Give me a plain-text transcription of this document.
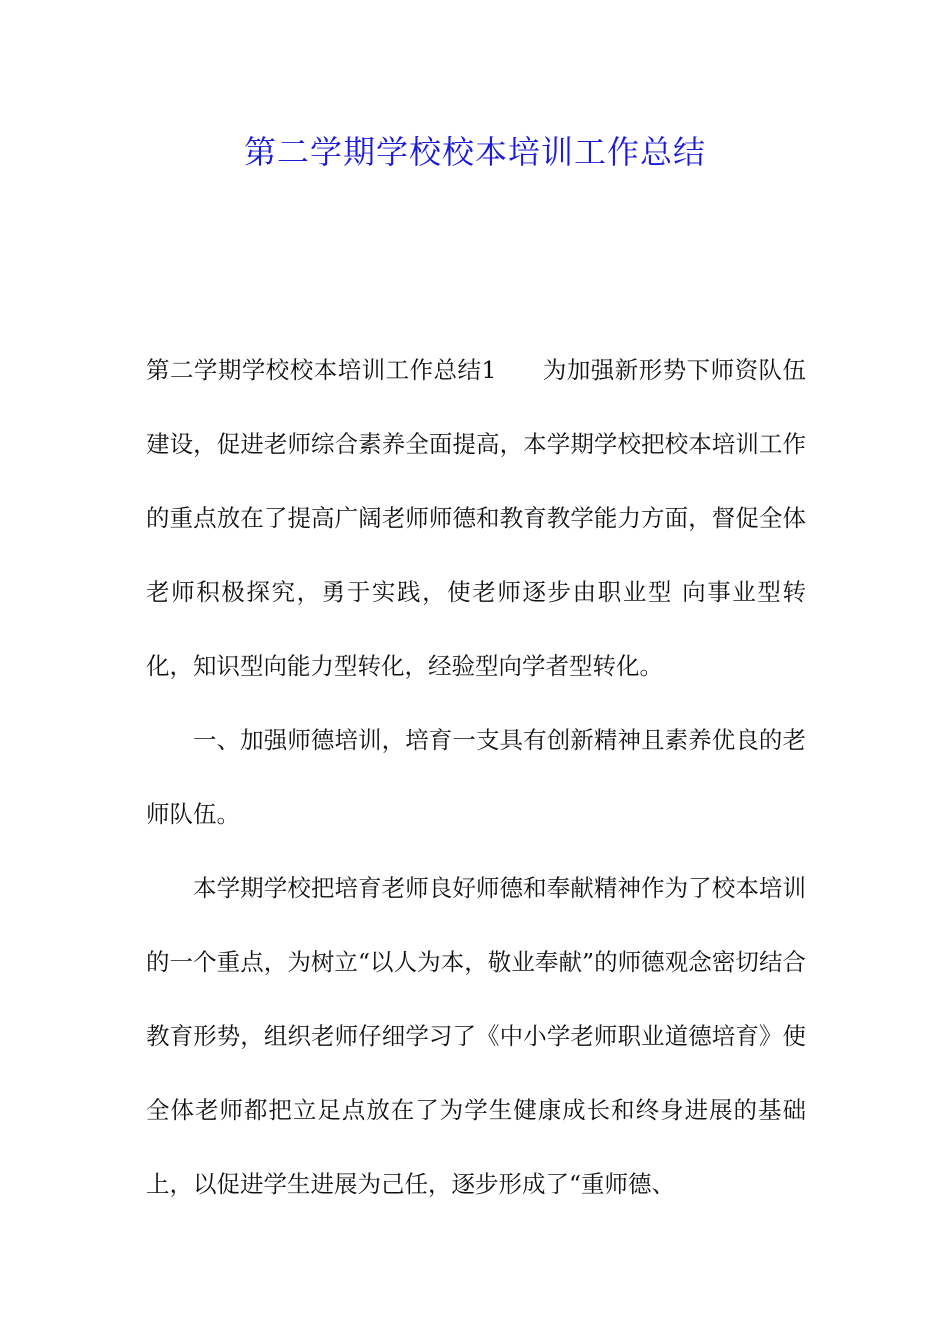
第二学期学校校本培训工作总结

第二学期学校校本培训工作总结1 为加强新形势下师资队伍建设，促进老师综合素养全面提高，本学期学校把校本培训工作的重点放在了提高广阔老师师德和教育教学能力方面，督促全体老师积极探究，勇于实践，使老师逐步由职业型 向事业型转化，知识型向能力型转化，经验型向学者型转化。

一、加强师德培训，培育一支具有创新精神且素养优良的老师队伍。

本学期学校把培育老师良好师德和奉献精神作为了校本培训的一个重点，为树立“以人为本，敬业奉献”的师德观念密切结合教育形势，组织老师仔细学习了《中小学老师职业道德培育》使全体老师都把立足点放在了为学生健康成长和终身进展的基础上，以促进学生进展为己任，逐步形成了“重师德、
